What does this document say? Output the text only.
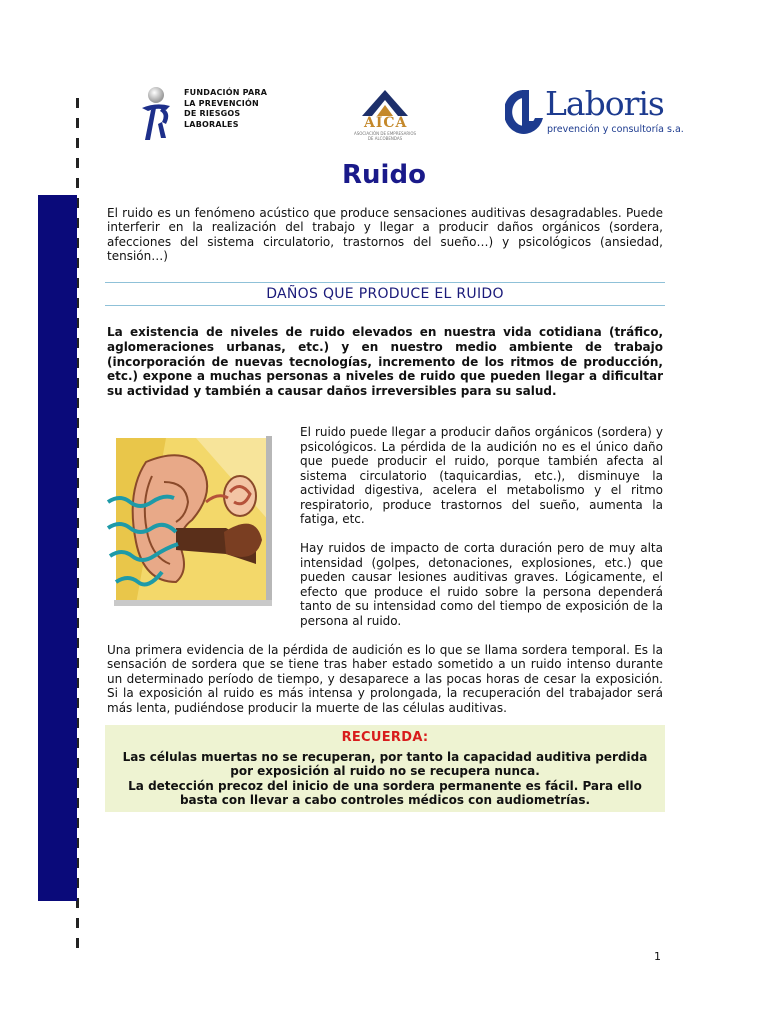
FUNDACIÓN PARA LA PREVENCIÓN DE RIESGOS LABORALES	AICA
ASOCIACIÓN DE EMPRESARIOS DE ALCOBENDAS
Laboris
prevención y consultoría s.a.
Ruido

El ruido es un fenómeno acústico que produce sensaciones auditivas desagradables. Puede interferir en la realización del trabajo y llegar a producir daños orgánicos (sordera, afecciones del sistema circulatorio, trastornos del sueño…) y psicológicos (ansiedad, tensión…)

DAÑOS QUE PRODUCE EL RUIDO

La existencia de niveles de ruido elevados en nuestra vida cotidiana (tráfico, aglomeraciones urbanas, etc.) y en nuestro medio ambiente de trabajo (incorporación de nuevas tecnologías, incremento de los ritmos de producción, etc.) expone a muchas personas a niveles de ruido que pueden llegar a dificultar su actividad y también a causar daños irreversibles para su salud.

El ruido puede llegar a producir daños orgánicos (sordera) y psicológicos. La pérdida de la audición no es el único daño que puede producir el ruido, porque también afecta al sistema circulatorio (taquicardias, etc.), disminuye la actividad digestiva, acelera el metabolismo y el ritmo respiratorio, produce trastornos del sueño, aumenta la fatiga, etc.

Hay ruidos de impacto de corta duración pero de muy alta intensidad (golpes, detonaciones, explosiones, etc.) que pueden causar lesiones auditivas graves. Lógicamente, el efecto que produce el ruido sobre la persona dependerá tanto de su intensidad como del tiempo de exposición de la persona al ruido.

Una primera evidencia de la pérdida de audición es lo que se llama sordera temporal. Es la sensación de sordera que se tiene tras haber estado sometido a un ruido intenso durante un determinado período de tiempo, y desaparece a las pocas horas de cesar la exposición. Si la exposición al ruido es más intensa y prolongada, la recuperación del trabajador será más lenta, pudiéndose producir la muerte de las células auditivas.

RECUERDA:

Las células muertas no se recuperan, por tanto la capacidad auditiva perdida por exposición al ruido no se recupera nunca.
La detección precoz del inicio de una sordera permanente es fácil. Para ello basta con llevar a cabo controles médicos con audiometrías.

1
